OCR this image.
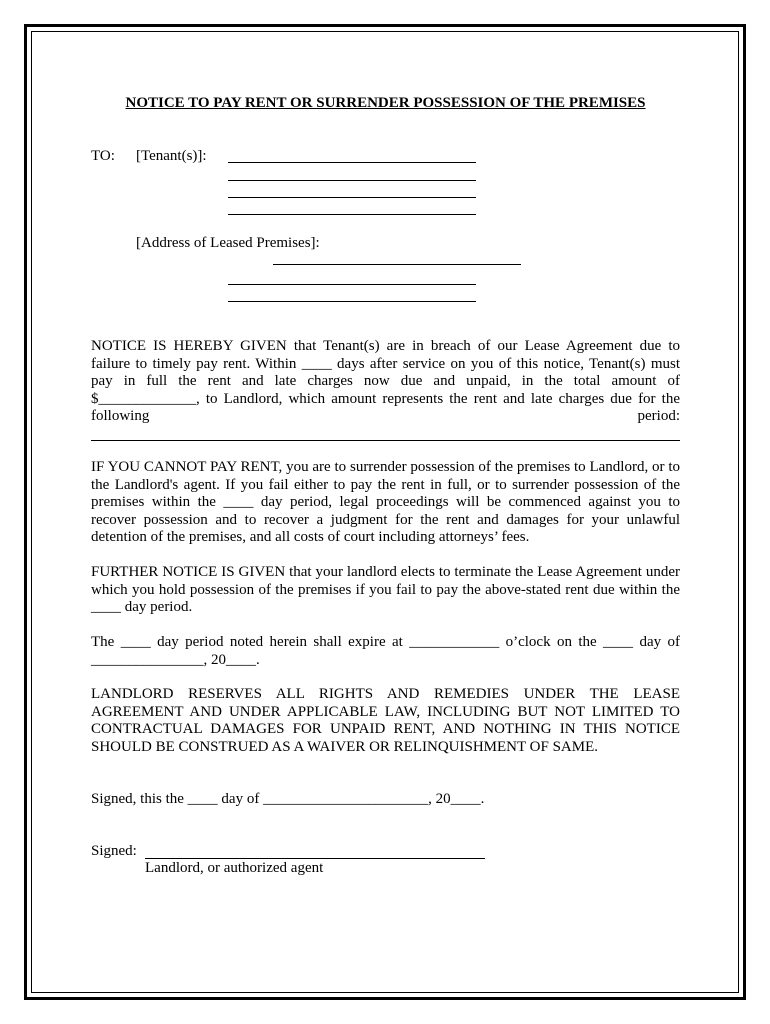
NOTICE TO PAY RENT OR SURRENDER POSSESSION OF THE PREMISES
TO: [Tenant(s)]:
[Address of Leased Premises]:
NOTICE IS HEREBY GIVEN that Tenant(s) are in breach of our Lease Agreement due to
failure to timely pay rent. Within ____ days after service on you of this notice, Tenant(s) must
pay in full the rent and late charges now due and unpaid, in the total amount of
$_____________, to Landlord, which amount represents the rent and late charges due for the
following	period:

IF YOU CANNOT PAY RENT, you are to surrender possession of the premises to Landlord, or to the Landlord's agent. If you fail either to pay the rent in full, or to surrender possession of the premises within the ____ day period, legal proceedings will be commenced against you to recover possession and to recover a judgment for the rent and damages for your unlawful detention of the premises, and all costs of court including attorneys’ fees.

FURTHER NOTICE IS GIVEN that your landlord elects to terminate the Lease Agreement under which you hold possession of the premises if you fail to pay the above-stated rent due within the ____ day period.

The ____ day period noted herein shall expire at ____________ o’clock on the ____ day of _______________, 20____.

LANDLORD RESERVES ALL RIGHTS AND REMEDIES UNDER THE LEASE AGREEMENT AND UNDER APPLICABLE LAW, INCLUDING BUT NOT LIMITED TO CONTRACTUAL DAMAGES FOR UNPAID RENT, AND NOTHING IN THIS NOTICE SHOULD BE CONSTRUED AS A WAIVER OR RELINQUISHMENT OF SAME.

Signed, this the ____ day of ______________________, 20____.
Signed:
Landlord, or authorized agent
